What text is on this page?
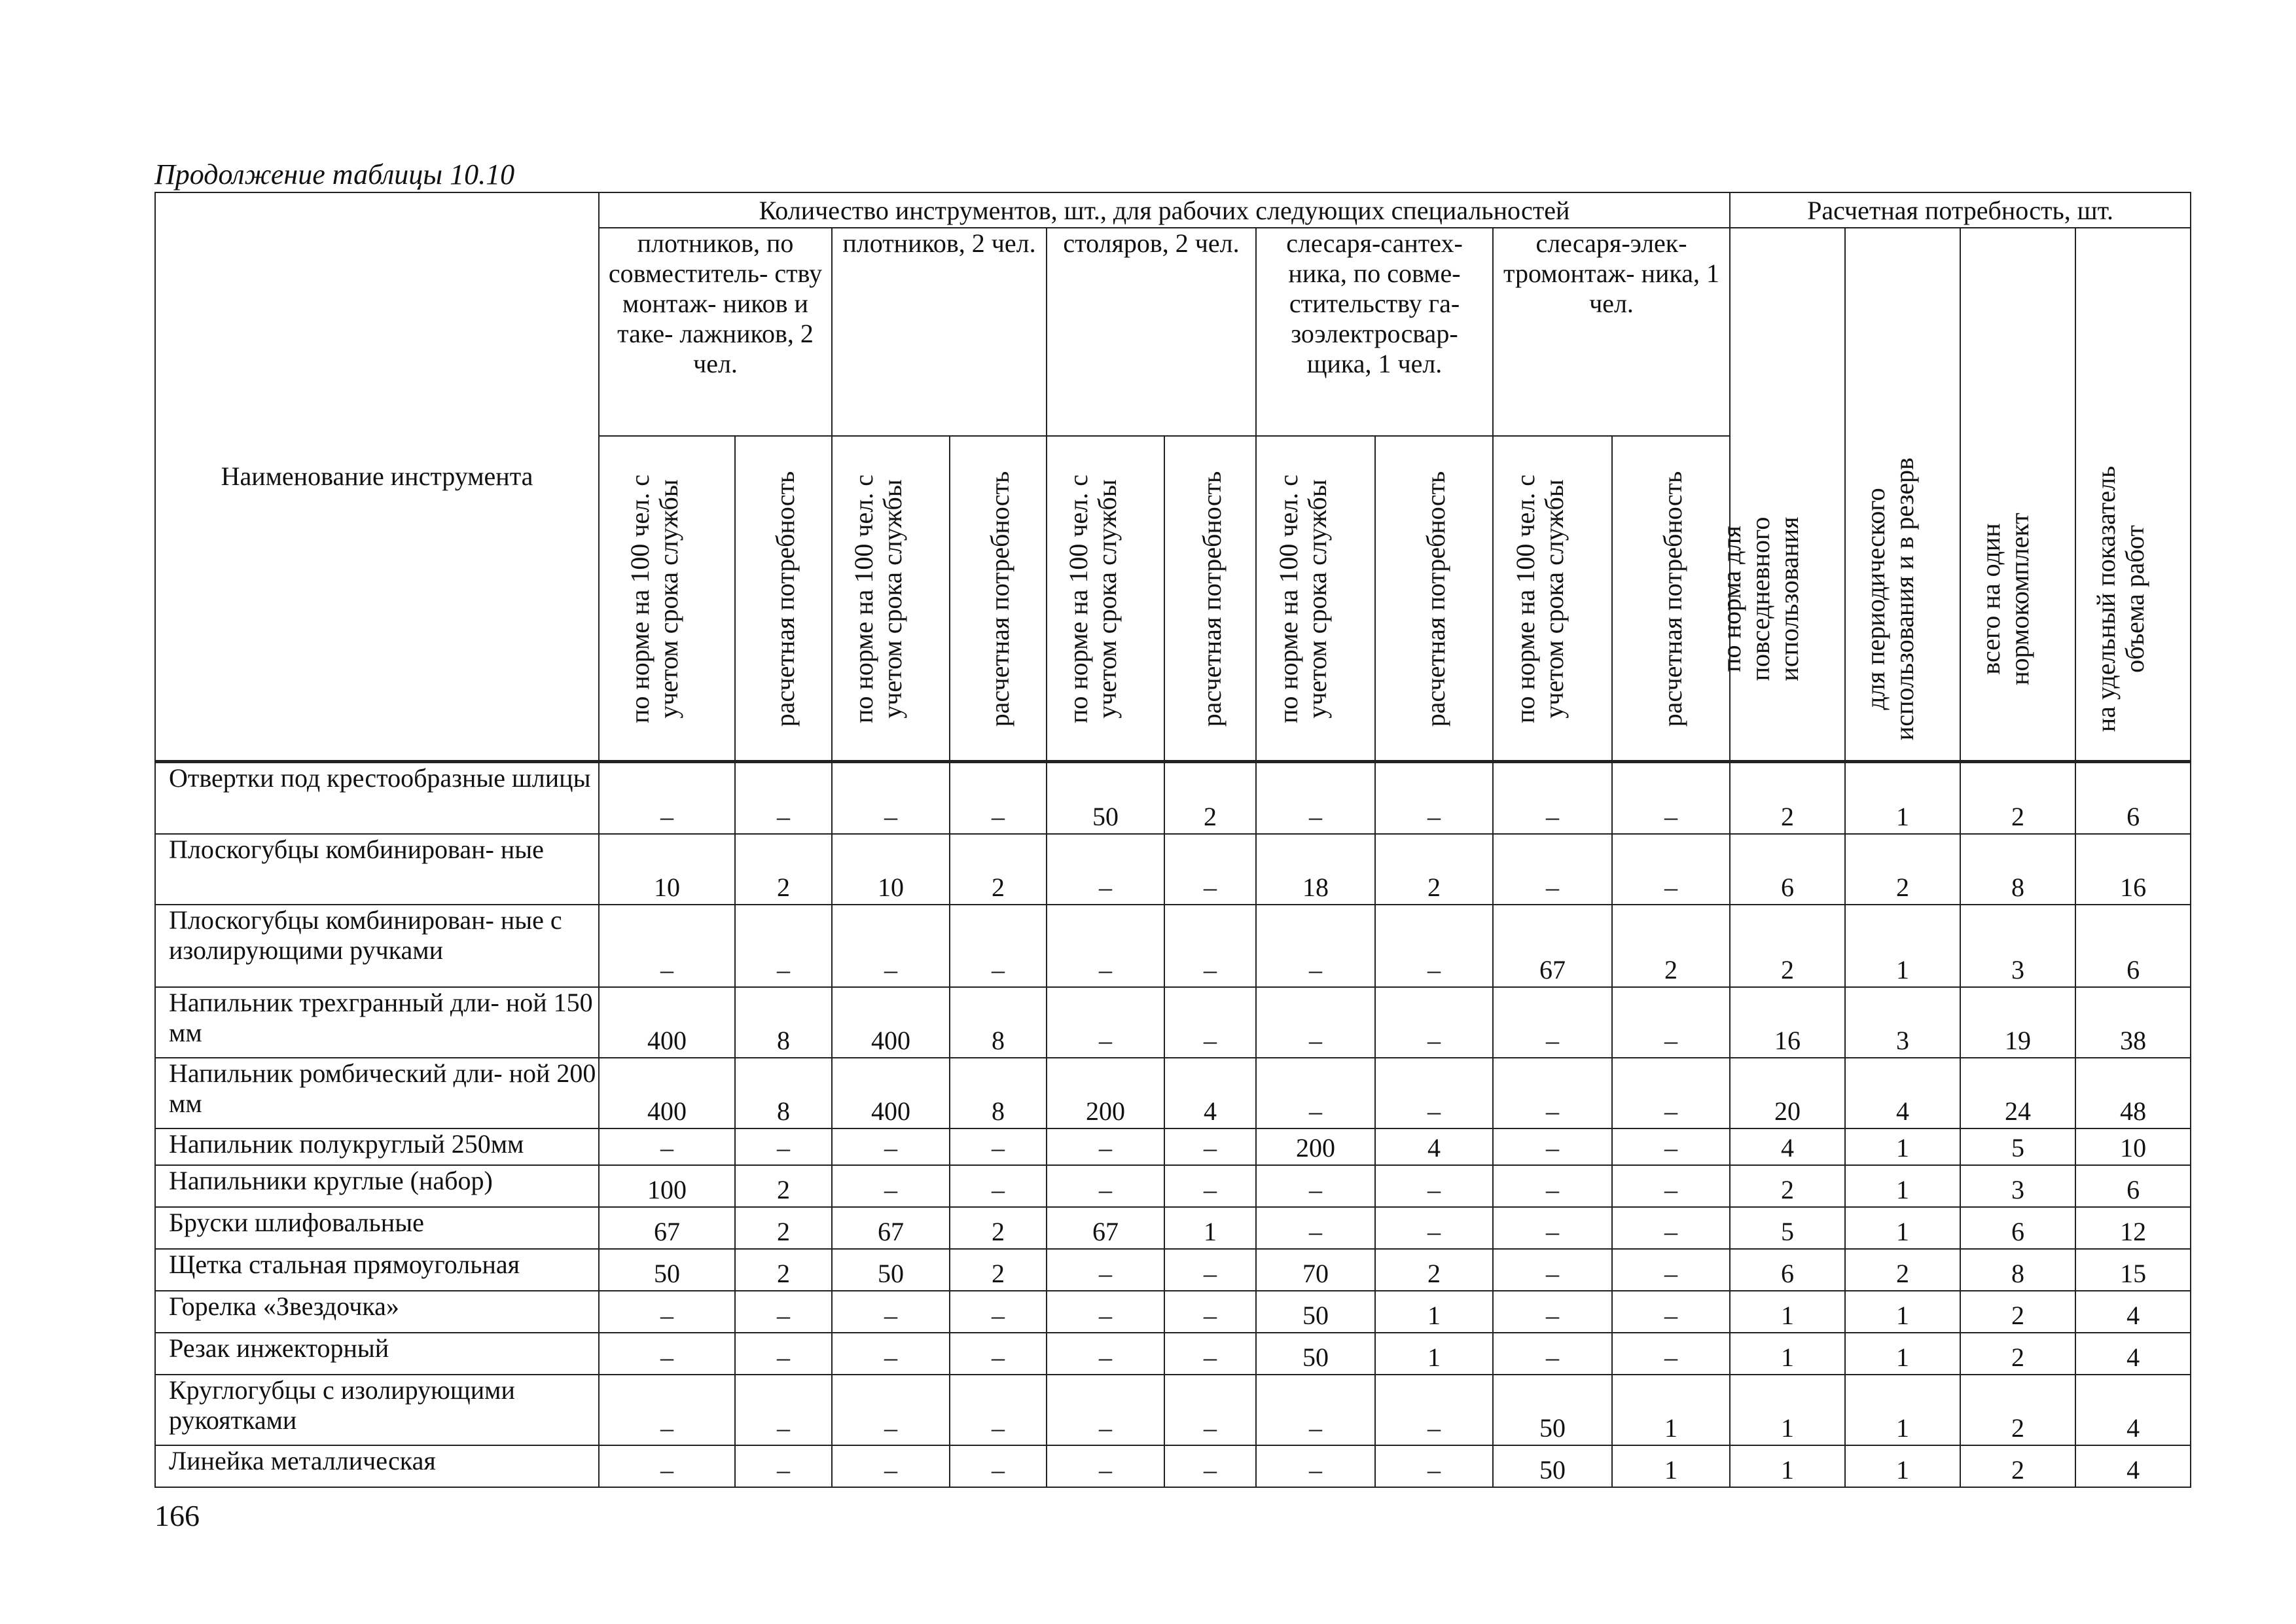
Продолжение таблицы 10.10
Наименование инструмента	Количество инструментов, шт., для рабочих следующих специальностей										Расчетная потребность, шт.			
	плотников, по совместитель- ству монтаж- ников и таке- лажников, 2 чел.		плотников, 2 чел.		столяров, 2 чел.		слесаря-сантех- ника, по совме- стительству га- зоэлектросвар- щика, 1 чел.		слесаря-элек- тромонтаж- ника, 1 чел.		по норма для повседневного использования	для периодического использования и в резерв	всего на один нормокомплект	на удельный показатель объема работ

	по норме на 100 чел. с учетом срока службы	расчетная потребность	по норме на 100 чел. с учетом срока службы	расчетная потребность	по норме на 100 чел. с учетом срока службы	расчетная потребность	по норме на 100 чел. с учетом срока службы	расчетная потребность	по норме на 100 чел. с учетом срока службы	расчетная потребность				

Отвертки под крестообразные шлицы	–	–	–	–	50	2	–	–	–	–	2	1	2	6
Плоскогубцы комбинирован- ные	10	2	10	2	–	–	18	2	–	–	6	2	8	16
Плоскогубцы комбинирован- ные с изолирующими ручками	–	–	–	–	–	–	–	–	67	2	2	1	3	6
Напильник трехгранный дли- ной 150 мм	400	8	400	8	–	–	–	–	–	–	16	3	19	38
Напильник ромбический дли- ной 200 мм	400	8	400	8	200	4	–	–	–	–	20	4	24	48
Напильник полукруглый 250мм	–	–	–	–	–	–	200	4	–	–	4	1	5	10
Напильники круглые (набор)	100	2	–	–	–	–	–	–	–	–	2	1	3	6
Бруски шлифовальные	67	2	67	2	67	1	–	–	–	–	5	1	6	12
Щетка стальная прямоугольная	50	2	50	2	–	–	70	2	–	–	6	2	8	15
Горелка «Звездочка»	–	–	–	–	–	–	50	1	–	–	1	1	2	4
Резак инжекторный	–	–	–	–	–	–	50	1	–	–	1	1	2	4
Круглогубцы с изолирующими рукоятками	–	–	–	–	–	–	–	–	50	1	1	1	2	4
Линейка металлическая	–	–	–	–	–	–	–	–	50	1	1	1	2	4
166
